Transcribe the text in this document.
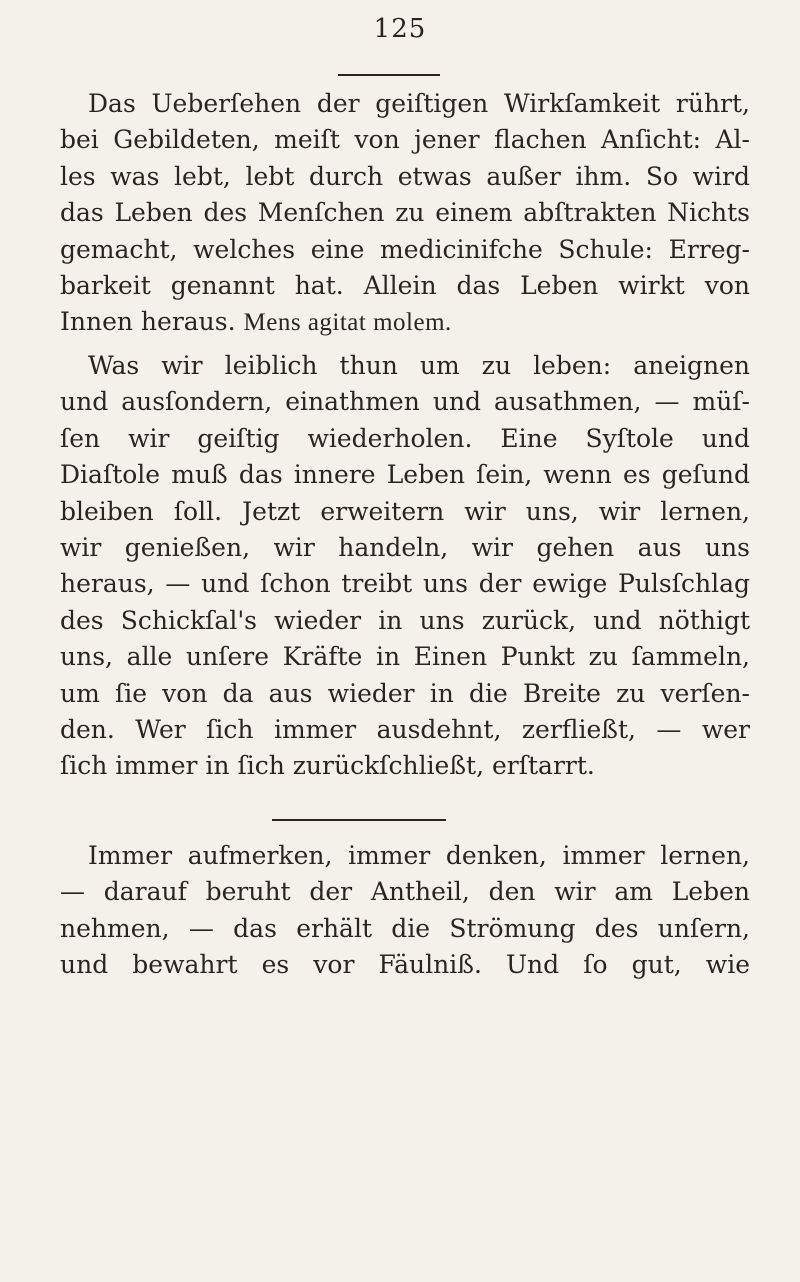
125
Das Ueberſehen der geiſtigen Wirkſamkeit rührt,
bei Gebildeten, meiſt von jener flachen Anſicht: Al-
les was lebt, lebt durch etwas außer ihm. So wird
das Leben des Menſchen zu einem abſtrakten Nichts
gemacht, welches eine medicinifche Schule: Erreg-
barkeit genannt hat. Allein das Leben wirkt von
Innen heraus. Mens agitat molem.
Was wir leiblich thun um zu leben: aneignen
und ausſondern, einathmen und ausathmen, — müſ-
ſen wir geiſtig wiederholen. Eine Syſtole und
Diaſtole muß das innere Leben ſein, wenn es geſund
bleiben ſoll. Jetzt erweitern wir uns, wir lernen,
wir genießen, wir handeln, wir gehen aus uns
heraus, — und ſchon treibt uns der ewige Pulsſchlag
des Schickſal's wieder in uns zurück, und nöthigt
uns, alle unſere Kräfte in Einen Punkt zu ſammeln,
um ſie von da aus wieder in die Breite zu verſen-
den. Wer ſich immer ausdehnt, zerfließt, — wer
ſich immer in ſich zurückſchließt, erſtarrt.
Immer aufmerken, immer denken, immer lernen,
— darauf beruht der Antheil, den wir am Leben
nehmen, — das erhält die Strömung des unſern,
und bewahrt es vor Fäulniß. Und ſo gut, wie
